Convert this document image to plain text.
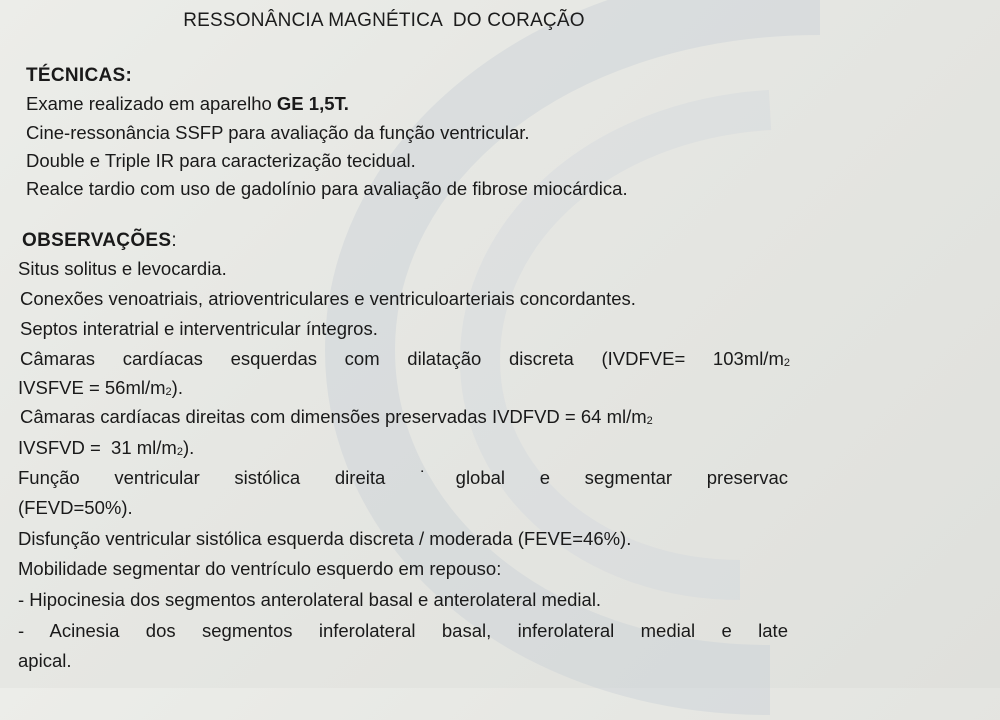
RESSONÂNCIA MAGNÉTICA  DO CORAÇÃO
TÉCNICAS:
Exame realizado em aparelho GE 1,5T.
Cine-ressonância SSFP para avaliação da função ventricular.
Double e Triple IR para caracterização tecidual.
Realce tardio com uso de gadolínio para avaliação de fibrose miocárdica.
OBSERVAÇÕES:
Situs solitus e levocardia.
Conexões venoatriais, atrioventriculares e ventriculoarteriais concordantes.
Septos interatrial e interventricular íntegros.
Câmaras cardíacas esquerdas com dilatação discreta (IVDFVE= $103ml/m_2$
IVSFVE = $56ml/m_2$).
Câmaras cardíacas direitas com dimensões preservadas IVDFVD = 64 $ml/m_2$
IVSFVD =  31 $ml/m_2$).
Função ventricular sistólica direita ˙global e segmentar preservac
(FEVD=50%).
Disfunção ventricular sistólica esquerda discreta / moderada (FEVE=46%).
Mobilidade segmentar do ventrículo esquerdo em repouso:
- Hipocinesia dos segmentos anterolateral basal e anterolateral medial.
- Acinesia dos segmentos inferolateral basal, inferolateral medial e late
apical.
